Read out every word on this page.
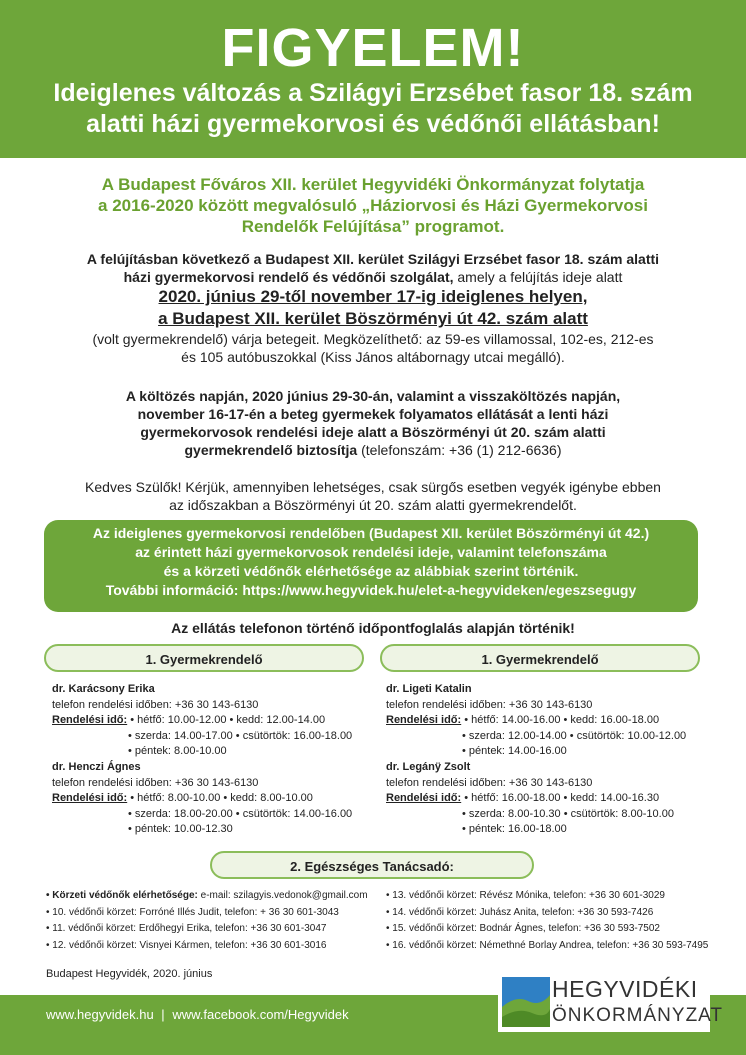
FIGYELEM!
Ideiglenes változás a Szilágyi Erzsébet fasor 18. szám
alatti házi gyermekorvosi és védőnői ellátásban!
A Budapest Főváros XII. kerület Hegyvidéki Önkormányzat folytatja
a 2016-2020 között megvalósuló „Háziorvosi és Házi Gyermekorvosi
Rendelők Felújítása” programot.
A felújításban következő a Budapest XII. kerület Szilágyi Erzsébet fasor 18. szám alatti
házi gyermekorvosi rendelő és védőnői szolgálat, amely a felújítás ideje alatt
2020. június 29-től november 17-ig ideiglenes helyen,
a Budapest XII. kerület Böszörményi út 42. szám alatt
(volt gyermekrendelő) várja betegeit. Megközelíthető: az 59-es villamossal, 102-es, 212-es
és 105 autóbuszokkal (Kiss János altábornagy utcai megálló).
A költözés napján, 2020 június 29-30-án, valamint a visszaköltözés napján,
november 16-17-én a beteg gyermekek folyamatos ellátását a lenti házi
gyermekorvosok rendelési ideje alatt a Böszörményi út 20. szám alatti
gyermekrendelő biztosítja (telefonszám: +36 (1) 212-6636)
Kedves Szülők! Kérjük, amennyiben lehetséges, csak sürgős esetben vegyék igénybe ebben
az időszakban a Böszörményi út 20. szám alatti gyermekrendelőt.
Az ideiglenes gyermekorvosi rendelőben (Budapest XII. kerület Böszörményi út 42.)
az érintett házi gyermekorvosok rendelési ideje, valamint telefonszáma
és a körzeti védőnők elérhetősége az alábbiak szerint történik.
További információ: https://www.hegyvidek.hu/elet-a-hegyvideken/egeszsegugy
Az ellátás telefonon történő időpontfoglalás alapján történik!
1. Gyermekrendelő	1. Gyermekrendelő
dr. Karácsony Erika
telefon rendelési időben: +36 30 143-6130
Rendelési idő: • hétfő: 10.00-12.00 • kedd: 12.00-14.00
• szerda: 14.00-17.00 • csütörtök: 16.00-18.00
• péntek: 8.00-10.00
dr. Henczi Ágnes
telefon rendelési időben: +36 30 143-6130
Rendelési idő: • hétfő: 8.00-10.00 • kedd: 8.00-10.00
• szerda: 18.00-20.00 • csütörtök: 14.00-16.00
• péntek: 10.00-12.30
dr. Ligeti Katalin
telefon rendelési időben: +36 30 143-6130
Rendelési idő: • hétfő: 14.00-16.00 • kedd: 16.00-18.00
• szerda: 12.00-14.00 • csütörtök: 10.00-12.00
• péntek: 14.00-16.00
dr. Legánÿ Zsolt
telefon rendelési időben: +36 30 143-6130
Rendelési idő: • hétfő: 16.00-18.00 • kedd: 14.00-16.30
• szerda: 8.00-10.30 • csütörtök: 8.00-10.00
• péntek: 16.00-18.00
2. Egészséges Tanácsadó:
• Körzeti védőnők elérhetősége: e-mail: szilagyis.vedonok@gmail.com
• 10. védőnői körzet: Forróné Illés Judit, telefon: + 36 30 601-3043
• 11. védőnői körzet: Erdőhegyi Erika, telefon: +36 30 601-3047
• 12. védőnői körzet: Visnyei Kármen, telefon: +36 30 601-3016
• 13. védőnői körzet: Révész Mónika, telefon: +36 30 601-3029
• 14. védőnői körzet: Juhász Anita, telefon: +36 30 593-7426
• 15. védőnői körzet: Bodnár Ágnes, telefon: +36 30 593-7502
• 16. védőnői körzet: Némethné Borlay Andrea, telefon: +36 30 593-7495
Budapest Hegyvidék, 2020. június
www.hegyvidek.hu | www.facebook.com/Hegyvidek
HEGYVIDÉKI
ÖNKORMÁNYZAT
